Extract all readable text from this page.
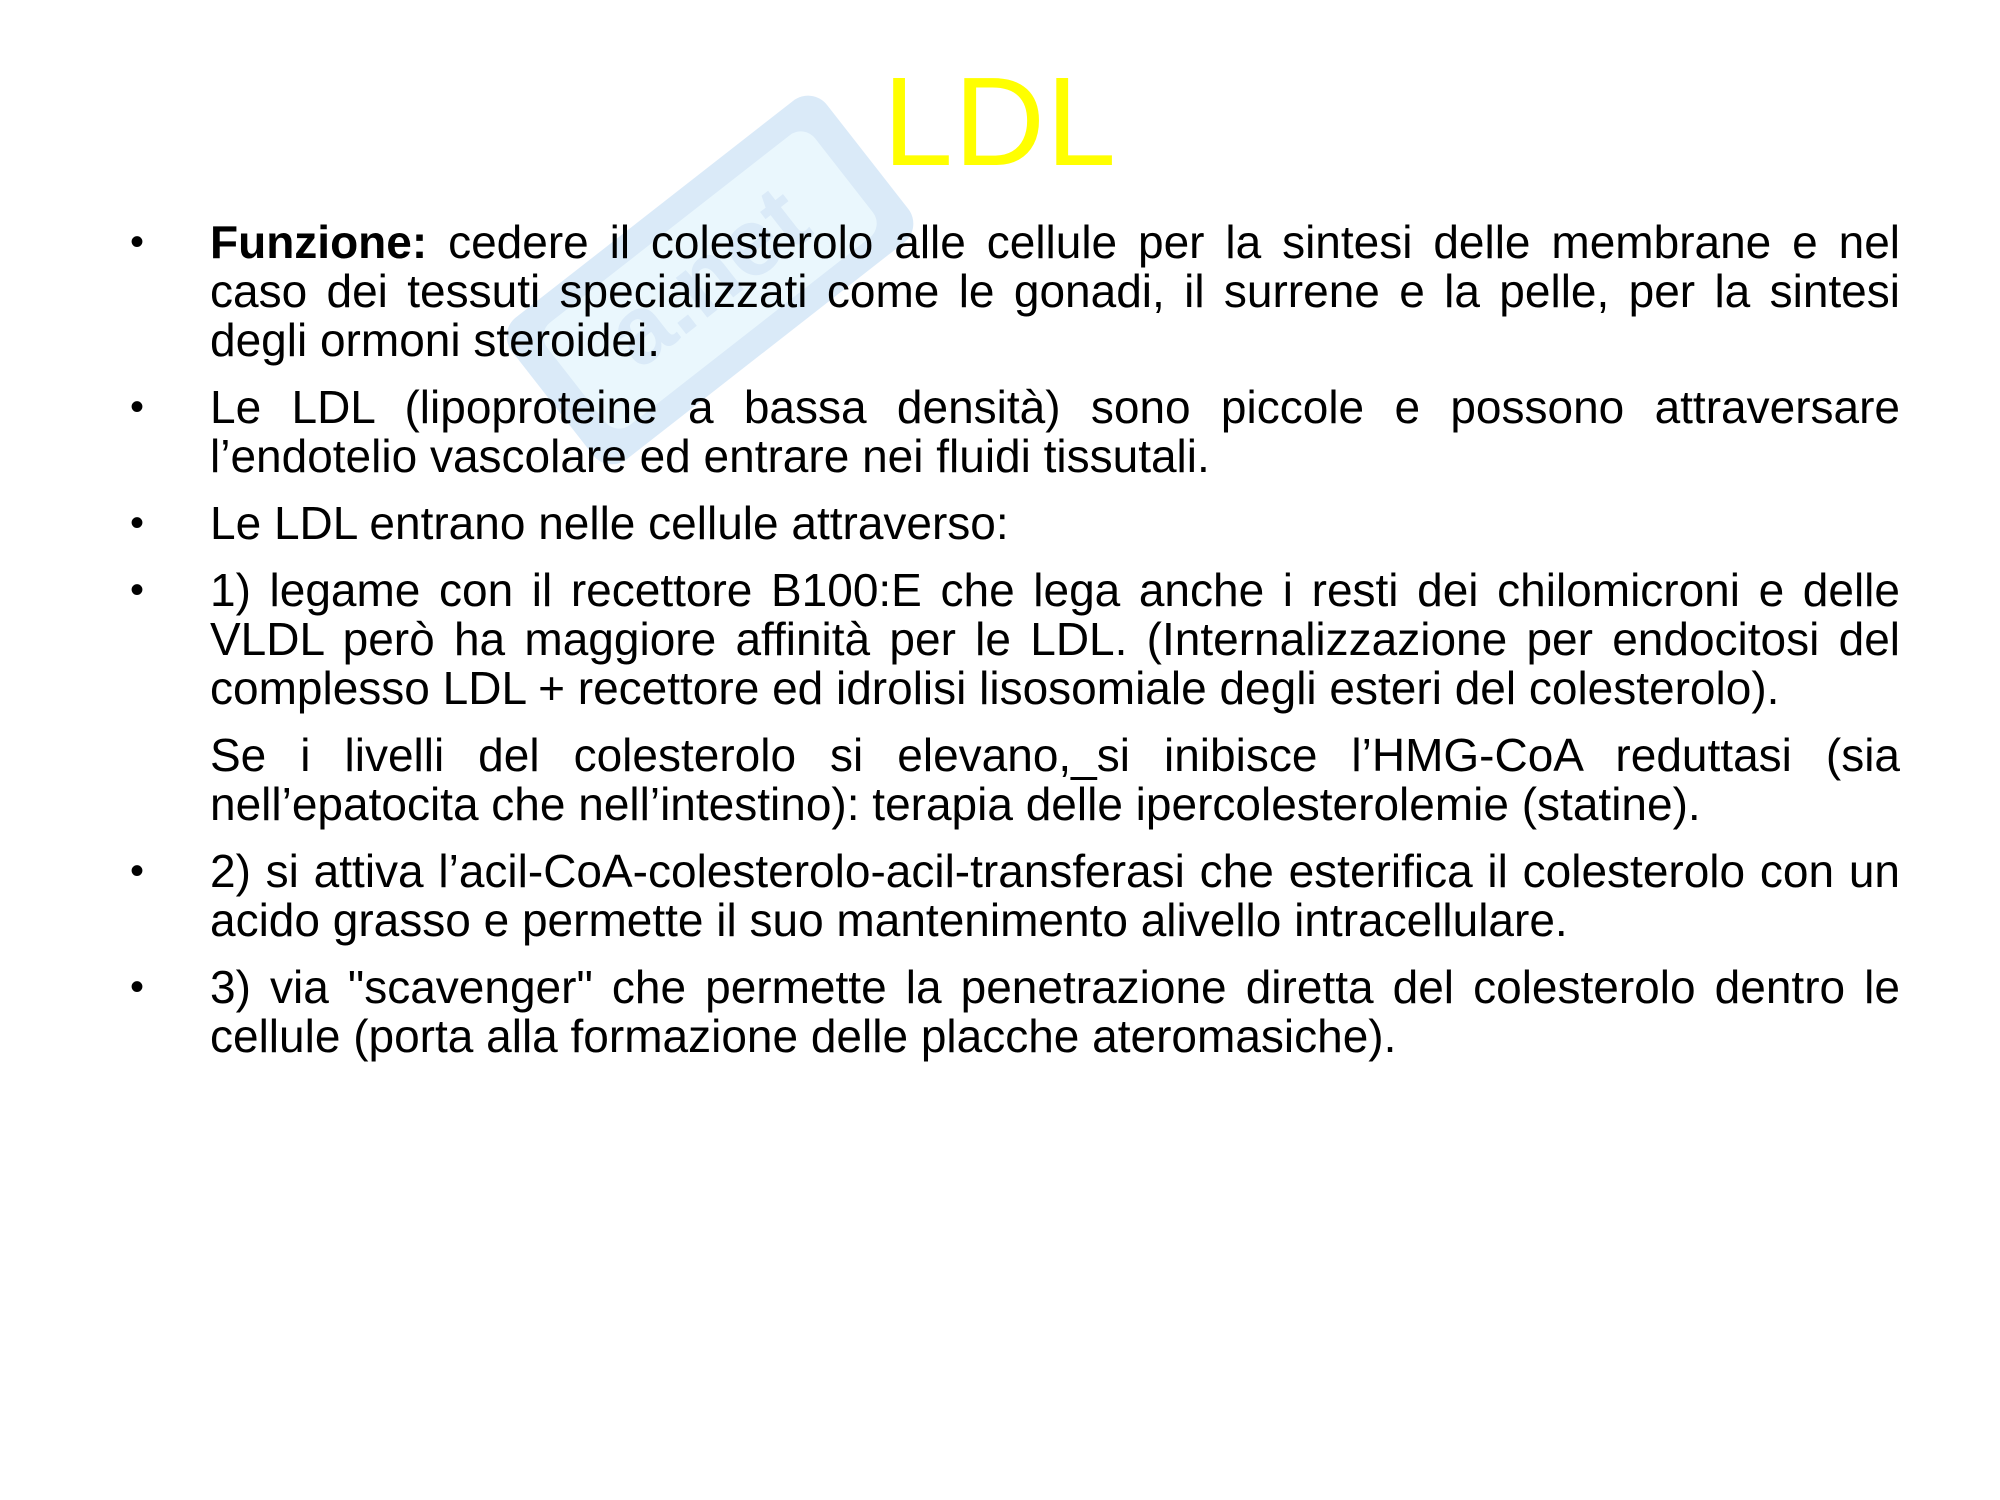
a.net
LDL
•	Funzione: cedere il colesterolo alle cellule per la sintesi delle membrane e nel caso dei tessuti specializzati come le gonadi, il surrene e la pelle, per la sintesi degli ormoni steroidei.
•	Le LDL (lipoproteine a bassa densità) sono piccole e possono attraversare l’endotelio vascolare ed entrare nei fluidi tissutali.
•	Le LDL entrano nelle cellule attraverso:
•	1) legame con il recettore B100:E che lega anche i resti dei chilomicroni e delle VLDL però ha maggiore affinità per le LDL. (Internalizzazione per endocitosi del complesso LDL + recettore ed idrolisi lisosomiale degli esteri del colesterolo).
Se i livelli del colesterolo si elevano,_si inibisce l’HMG-CoA reduttasi (sia nell’epatocita che nell’intestino): terapia delle ipercolesterolemie (statine).
•	2) si attiva l’acil-CoA-colesterolo-acil-transferasi che esterifica il colesterolo con un acido grasso e permette il suo mantenimento alivello intracellulare.
•	3) via "scavenger" che permette la penetrazione diretta del colesterolo dentro le cellule (porta alla formazione delle placche ateromasiche).
